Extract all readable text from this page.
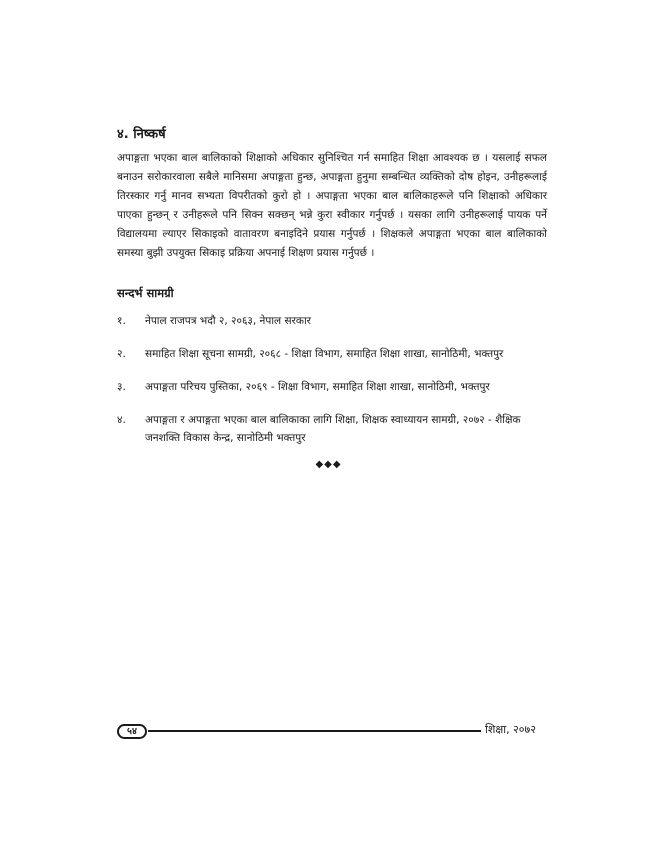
४. निष्कर्ष

अपाङ्गता भएका बाल बालिकाको शिक्षाको अधिकार सुनिश्चित गर्न समाहित शिक्षा आवश्यक छ । यसलाई सफल बनाउन सरोकारवाला सबैले मानिसमा अपाङ्गता हुन्छ, अपाङ्गता हुनुमा सम्बन्धित व्यक्तिको दोष होइन, उनीहरूलाई तिरस्कार गर्नु मानव सभ्यता विपरीतको कुरो हो । अपाङ्गता भएका बाल बालिकाहरूले पनि शिक्षाको अधिकार पाएका हुन्छन् र उनीहरूले पनि सिक्न सक्छन् भन्ने कुरा स्वीकार गर्नुपर्छ । यसका लागि उनीहरूलाई पायक पर्ने विद्यालयमा ल्याएर सिकाइको वातावरण बनाइदिने प्रयास गर्नुपर्छ । शिक्षकले अपाङ्गता भएका बाल बालिकाको समस्या बुझी उपयुक्त सिकाइ प्रक्रिया अपनाई शिक्षण प्रयास गर्नुपर्छ ।

सन्दर्भ सामग्री
१.	नेपाल राजपत्र भदौ २, २०६३, नेपाल सरकार
२.	समाहित शिक्षा सूचना सामग्री, २०६८ - शिक्षा विभाग, समाहित शिक्षा शाखा, सानोठिमी, भक्तपुर
३.	अपाङ्गता परिचय पुस्तिका, २०६९ - शिक्षा विभाग, समाहित शिक्षा शाखा, सानोठिमी, भक्तपुर
४.	अपाङ्गता र अपाङ्गता भएका बाल बालिकाका लागि शिक्षा, शिक्षक स्वाध्यायन सामग्री, २०७२ - शैक्षिक जनशक्ति विकास केन्द्र, सानोठिमी भक्तपुर

◆◆◆

५४	शिक्षा, २०७२
